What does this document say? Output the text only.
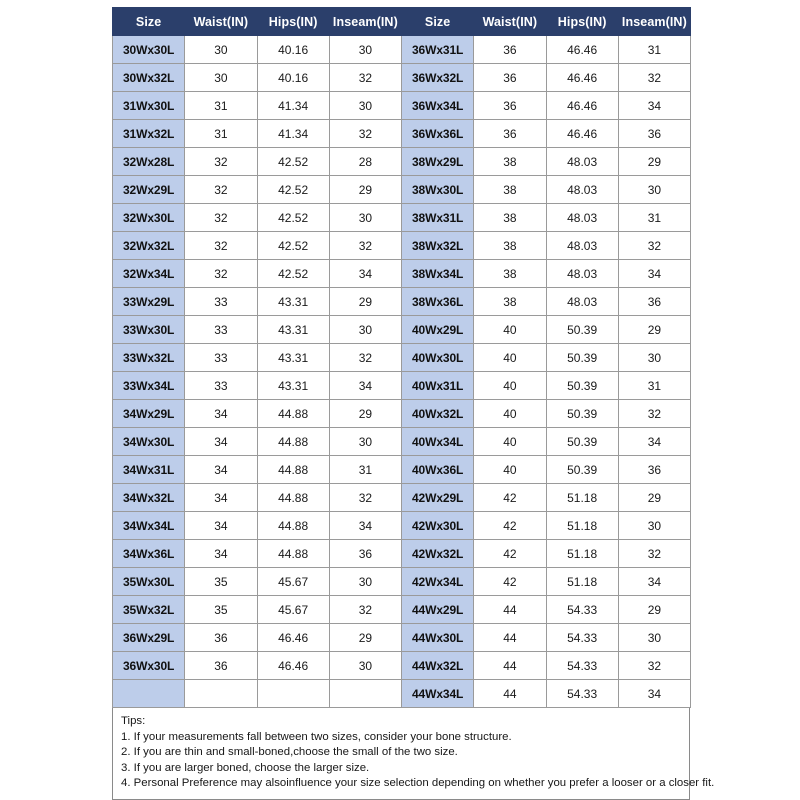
Size	Waist(IN)	Hips(IN)	Inseam(IN)	Size	Waist(IN)	Hips(IN)	Inseam(IN)
30Wx30L	30	40.16	30	36Wx31L	36	46.46	31
30Wx32L	30	40.16	32	36Wx32L	36	46.46	32
31Wx30L	31	41.34	30	36Wx34L	36	46.46	34
31Wx32L	31	41.34	32	36Wx36L	36	46.46	36
32Wx28L	32	42.52	28	38Wx29L	38	48.03	29
32Wx29L	32	42.52	29	38Wx30L	38	48.03	30
32Wx30L	32	42.52	30	38Wx31L	38	48.03	31
32Wx32L	32	42.52	32	38Wx32L	38	48.03	32
32Wx34L	32	42.52	34	38Wx34L	38	48.03	34
33Wx29L	33	43.31	29	38Wx36L	38	48.03	36
33Wx30L	33	43.31	30	40Wx29L	40	50.39	29
33Wx32L	33	43.31	32	40Wx30L	40	50.39	30
33Wx34L	33	43.31	34	40Wx31L	40	50.39	31
34Wx29L	34	44.88	29	40Wx32L	40	50.39	32
34Wx30L	34	44.88	30	40Wx34L	40	50.39	34
34Wx31L	34	44.88	31	40Wx36L	40	50.39	36
34Wx32L	34	44.88	32	42Wx29L	42	51.18	29
34Wx34L	34	44.88	34	42Wx30L	42	51.18	30
34Wx36L	34	44.88	36	42Wx32L	42	51.18	32
35Wx30L	35	45.67	30	42Wx34L	42	51.18	34
35Wx32L	35	45.67	32	44Wx29L	44	54.33	29
36Wx29L	36	46.46	29	44Wx30L	44	54.33	30
36Wx30L	36	46.46	30	44Wx32L	44	54.33	32
				44Wx34L	44	54.33	34
Tips:
1. If your measurements fall between two sizes, consider your bone structure.
2. If you are thin and small-boned,choose the small of the two size.
3. If you are larger boned, choose the larger size.
4. Personal Preference may alsoinfluence your size selection depending on whether you prefer a looser or a closer fit.
